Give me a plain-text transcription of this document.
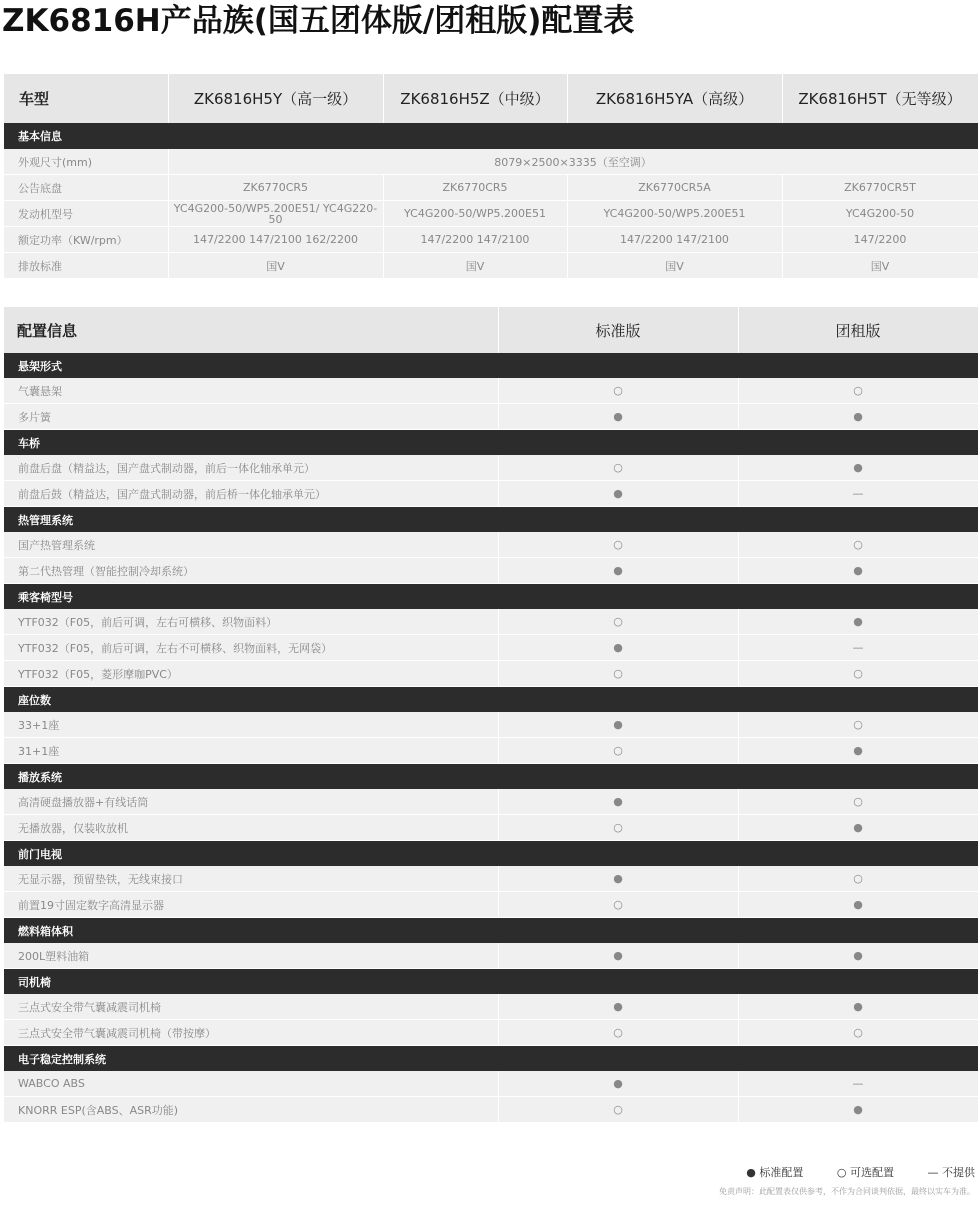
ZK6816H产品族(国五团体版/团租版)配置表
车型	ZK6816H5Y（高一级）	ZK6816H5Z（中级）	ZK6816H5YA（高级）	ZK6816H5T（无等级）
基本信息				
外观尺寸(mm)	8079×2500×3335（至空调）			
公告底盘	ZK6770CR5	ZK6770CR5	ZK6770CR5A	ZK6770CR5T
发动机型号	YC4G200-50/WP5.200E51/ YC4G220-50	YC4G200-50/WP5.200E51	YC4G200-50/WP5.200E51	YC4G200-50
额定功率（KW/rpm）	147/2200 147/2100 162/2200	147/2200 147/2100	147/2200 147/2100	147/2200
排放标准	国Ⅴ	国Ⅴ	国Ⅴ	国Ⅴ
配置信息	标准版	团租版
悬架形式		
气囊悬架	○	○
多片簧	●	●
车桥		
前盘后盘（精益达，国产盘式制动器，前后一体化轴承单元）	○	●
前盘后鼓（精益达，国产盘式制动器，前后桥一体化轴承单元）	●	—
热管理系统		
国产热管理系统	○	○
第二代热管理（智能控制冷却系统）	●	●
乘客椅型号		
YTF032（F05，前后可调，左右可横移、织物面料）	○	●
YTF032（F05，前后可调，左右不可横移、织物面料，无网袋）	●	—
YTF032（F05，菱形摩咖PVC）	○	○
座位数		
33+1座	●	○
31+1座	○	●
播放系统		
高清硬盘播放器+有线话筒	●	○
无播放器，仅装收放机	○	●
前门电视		
无显示器，预留垫铁，无线束接口	●	○
前置19寸固定数字高清显示器	○	●
燃料箱体积		
200L塑料油箱	●	●
司机椅		
三点式安全带气囊减震司机椅	●	●
三点式安全带气囊减震司机椅（带按摩）	○	○
电子稳定控制系统		
WABCO ABS	●	—
KNORR ESP(含ABS、ASR功能)	○	●
● 标准配置	○ 可选配置	— 不提供
免责声明：此配置表仅供参考，不作为合同谈判依据，最终以实车为准。
